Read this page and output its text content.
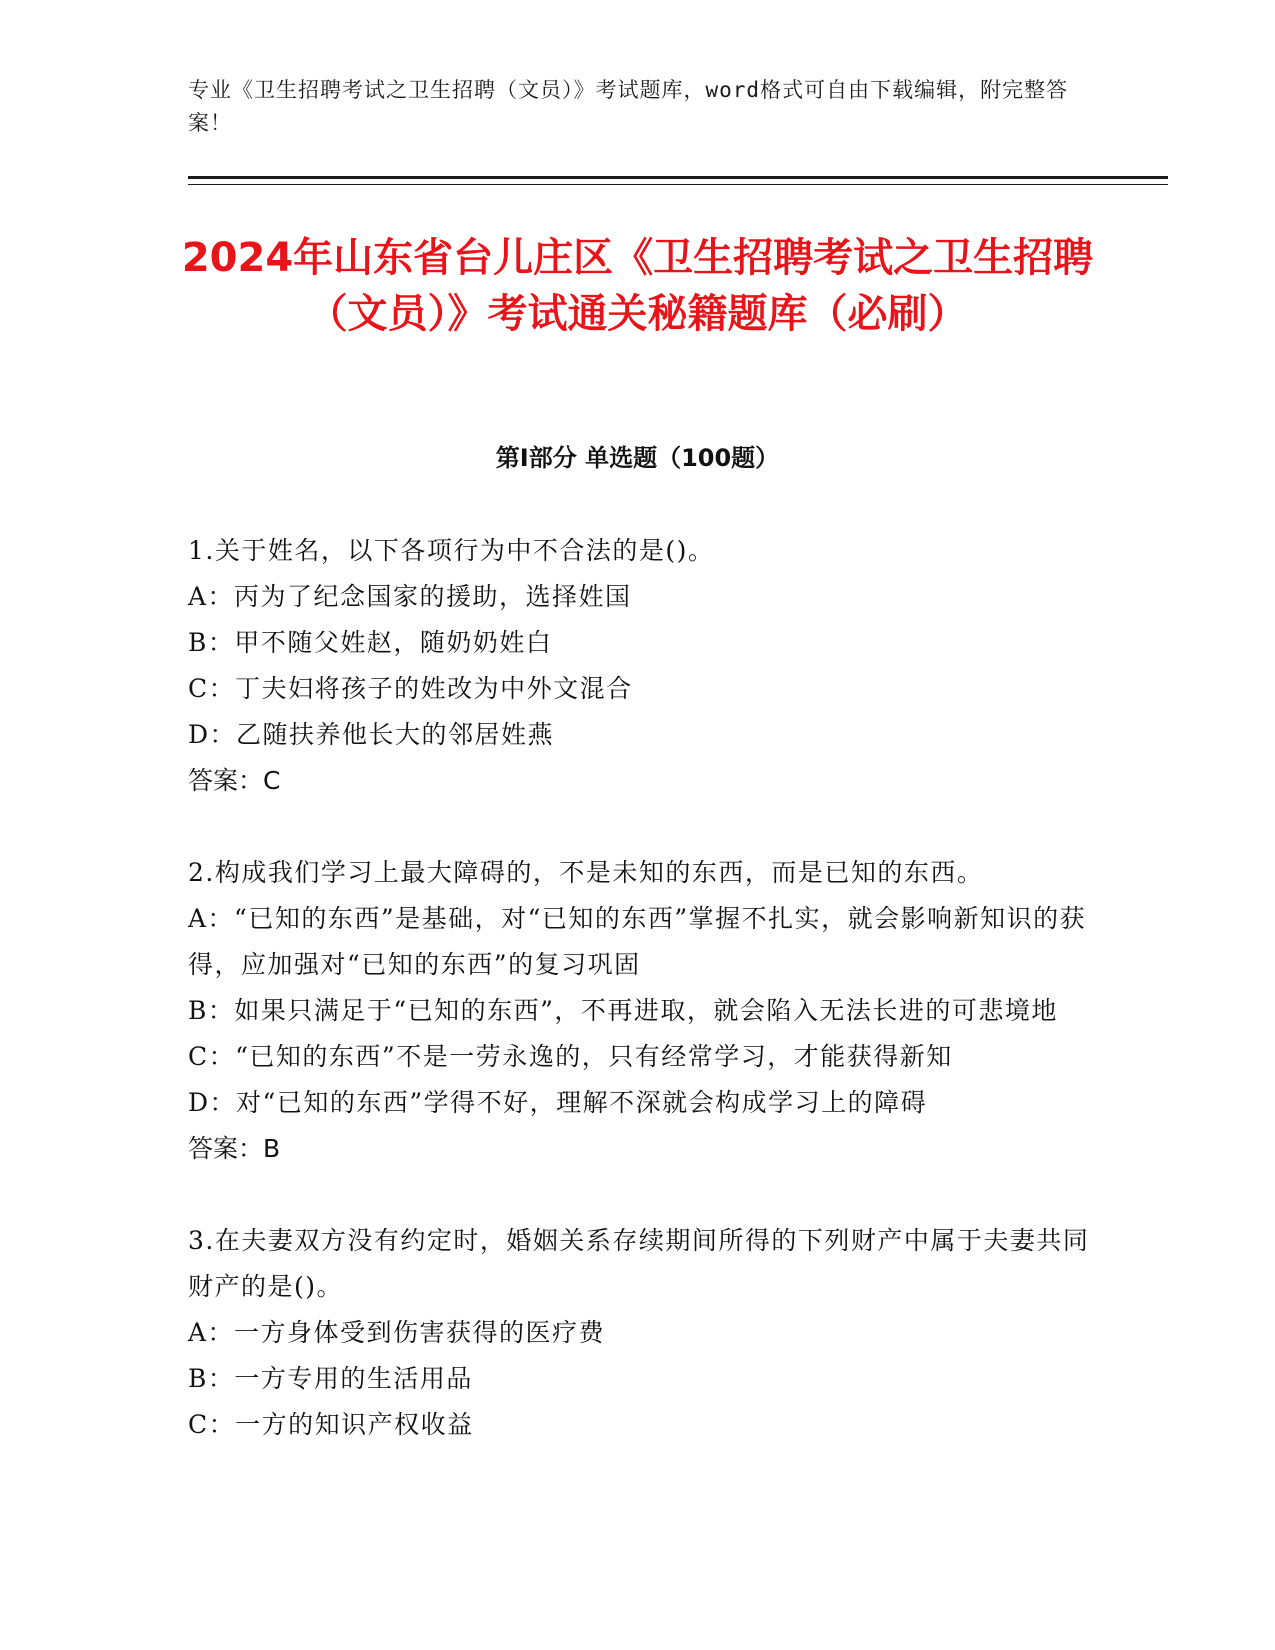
专业《卫生招聘考试之卫生招聘（文员）》考试题库，word格式可自由下载编辑，附完整答案！

2024年山东省台儿庄区《卫生招聘考试之卫生招聘（文员）》考试通关秘籍题库（必刷）
第Ⅰ部分 单选题（100题）

1.关于姓名，以下各项行为中不合法的是()。

A：丙为了纪念国家的援助，选择姓国

B：甲不随父姓赵，随奶奶姓白

C：丁夫妇将孩子的姓改为中外文混合

D：乙随扶养他长大的邻居姓燕

答案：C

2.构成我们学习上最大障碍的，不是未知的东西，而是已知的东西。

A：“已知的东西”是基础，对“已知的东西”掌握不扎实，就会影响新知识的获得，应加强对“已知的东西”的复习巩固

B：如果只满足于“已知的东西”，不再进取，就会陷入无法长进的可悲境地

C：“已知的东西”不是一劳永逸的，只有经常学习，才能获得新知

D：对“已知的东西”学得不好，理解不深就会构成学习上的障碍

答案：B

3.在夫妻双方没有约定时，婚姻关系存续期间所得的下列财产中属于夫妻共同财产的是()。

A：一方身体受到伤害获得的医疗费

B：一方专用的生活用品

C：一方的知识产权收益
